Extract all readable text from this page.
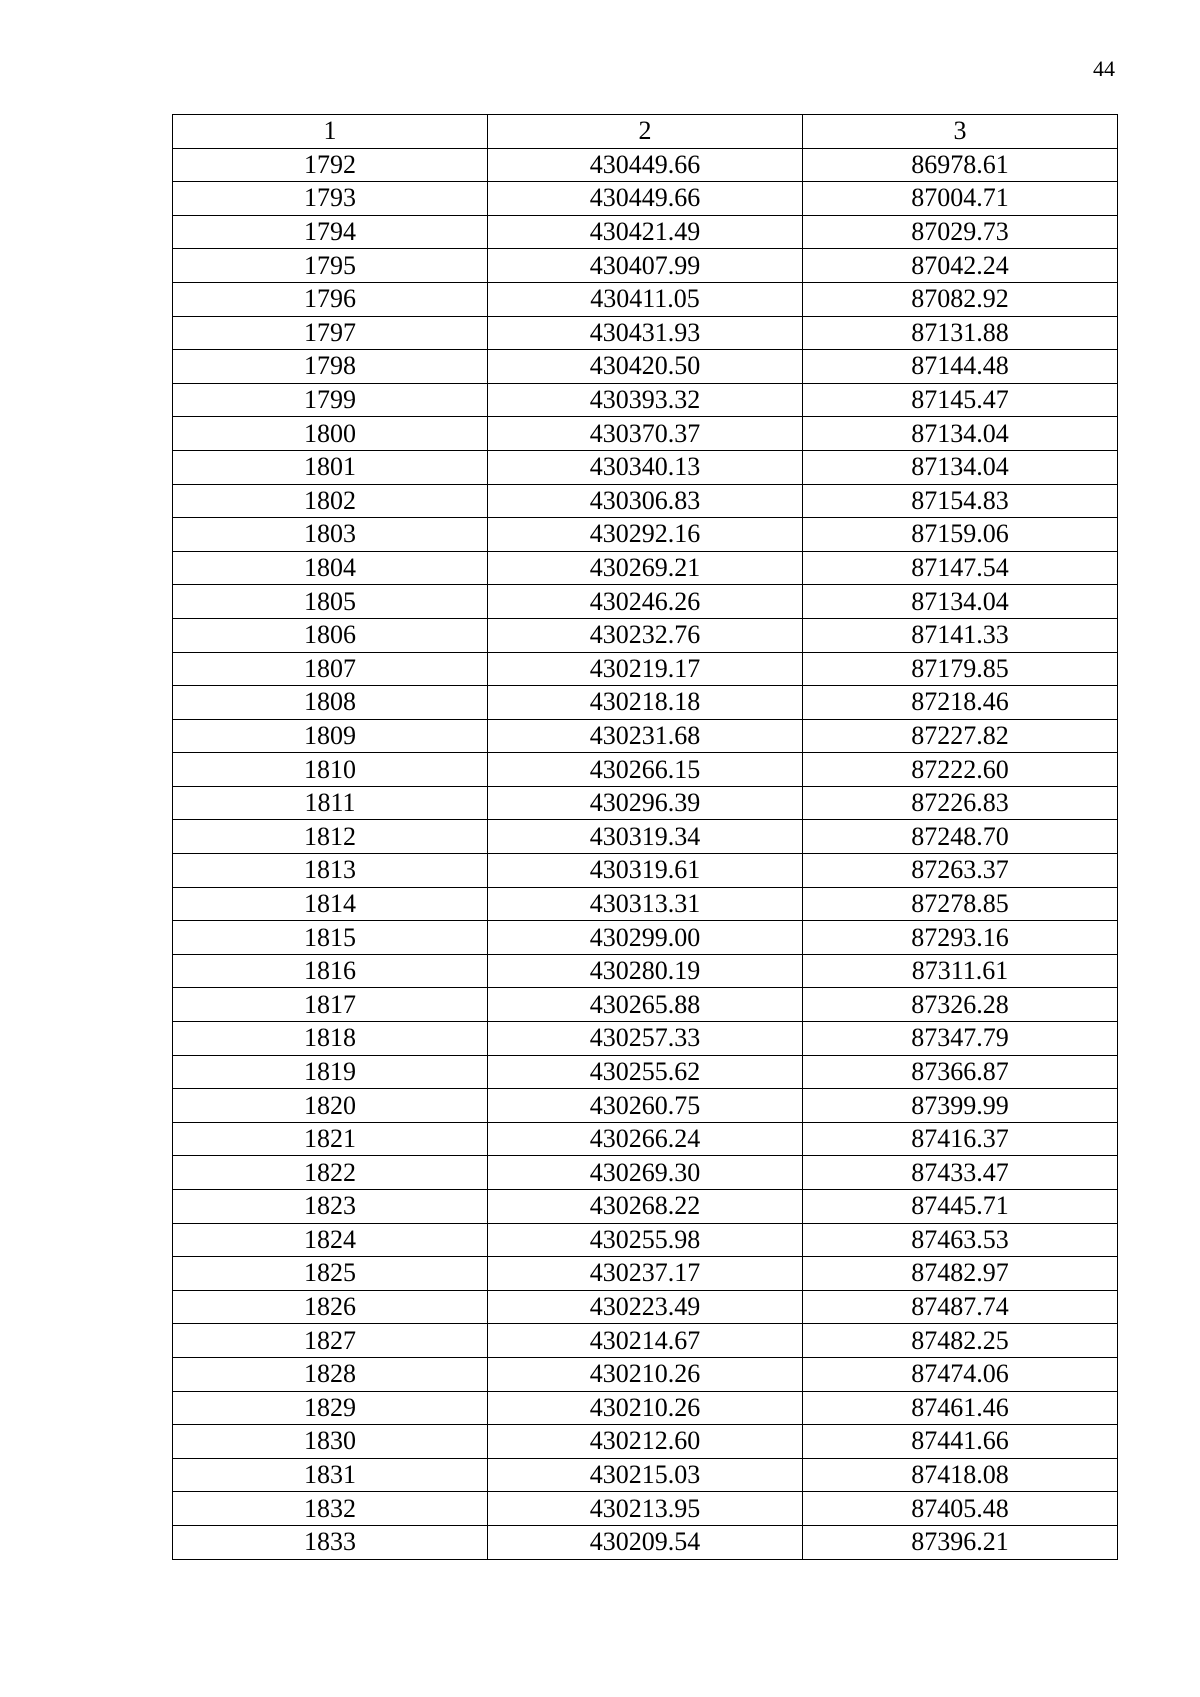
44
1	2	3
1792	430449.66	86978.61
1793	430449.66	87004.71
1794	430421.49	87029.73
1795	430407.99	87042.24
1796	430411.05	87082.92
1797	430431.93	87131.88
1798	430420.50	87144.48
1799	430393.32	87145.47
1800	430370.37	87134.04
1801	430340.13	87134.04
1802	430306.83	87154.83
1803	430292.16	87159.06
1804	430269.21	87147.54
1805	430246.26	87134.04
1806	430232.76	87141.33
1807	430219.17	87179.85
1808	430218.18	87218.46
1809	430231.68	87227.82
1810	430266.15	87222.60
1811	430296.39	87226.83
1812	430319.34	87248.70
1813	430319.61	87263.37
1814	430313.31	87278.85
1815	430299.00	87293.16
1816	430280.19	87311.61
1817	430265.88	87326.28
1818	430257.33	87347.79
1819	430255.62	87366.87
1820	430260.75	87399.99
1821	430266.24	87416.37
1822	430269.30	87433.47
1823	430268.22	87445.71
1824	430255.98	87463.53
1825	430237.17	87482.97
1826	430223.49	87487.74
1827	430214.67	87482.25
1828	430210.26	87474.06
1829	430210.26	87461.46
1830	430212.60	87441.66
1831	430215.03	87418.08
1832	430213.95	87405.48
1833	430209.54	87396.21
